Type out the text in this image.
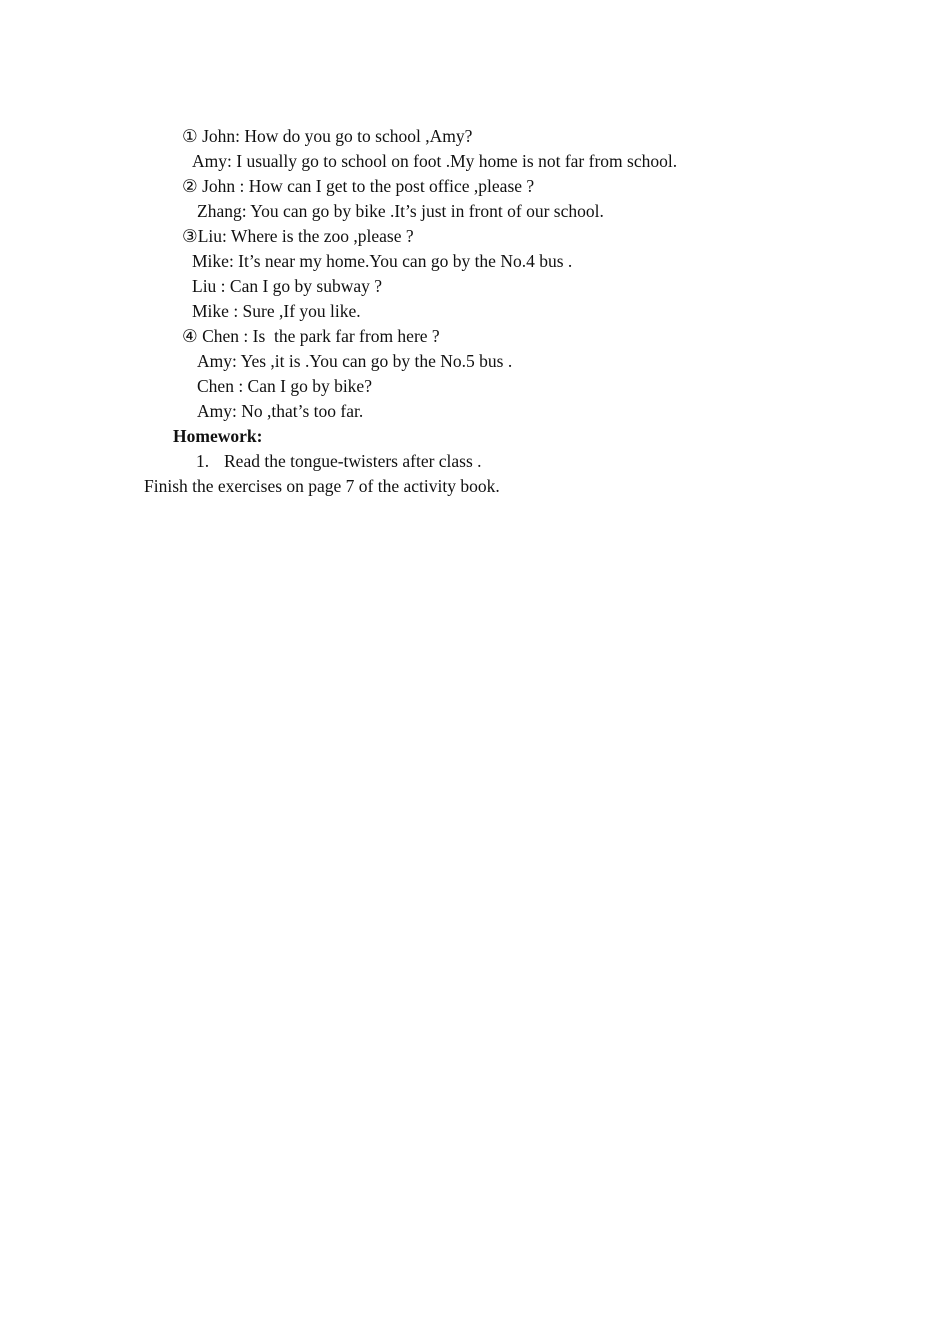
① John: How do you go to school ,Amy?

Amy: I usually go to school on foot .My home is not far from school.

② John : How can I get to the post office ,please ?

Zhang: You can go by bike .It’s just in front of our school.

③Liu: Where is the zoo ,please ?

Mike: It’s near my home.You can go by the No.4 bus .

Liu : Can I go by subway ?

Mike : Sure ,If you like.

④ Chen : Is  the park far from here ?

Amy: Yes ,it is .You can go by the No.5 bus .

Chen : Can I go by bike?

Amy: No ,that’s too far.

Homework:

1. Read the tongue-twisters after class .

Finish the exercises on page 7 of the activity book.
